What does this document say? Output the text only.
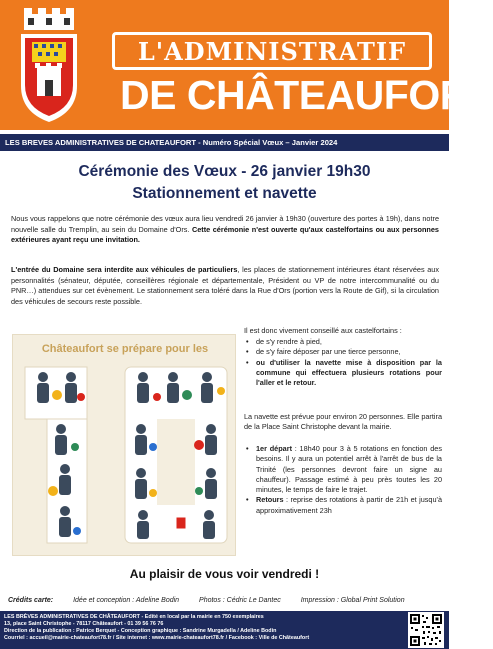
L'ADMINISTRATIF
DE CHÂTEAUFORT
LES BREVES ADMINISTRATIVES DE CHATEAUFORT - Numéro Spécial Vœux – Janvier 2024
Cérémonie des Vœux - 26 janvier 19h30
Stationnement et navette
Nous vous rappelons que notre cérémonie des vœux aura lieu vendredi 26 janvier à 19h30 (ouverture des portes à 19h), dans notre nouvelle salle du Tremplin, au sein du Domaine d'Ors. Cette cérémonie n'est ouverte qu'aux castelfortains ou aux personnes extérieures ayant reçu une invitation.
L'entrée du Domaine sera interdite aux véhicules de particuliers, les places de stationnement intérieures étant réservées aux personnalités (sénateur, députée, conseillères régionale et départementale, Président ou VP de notre intercommunalité ou du PNR…) attendues sur cet évènement. Le stationnement sera toléré dans la Rue d'Ors (portion vers la Route de Gif), si la circulation des véhicules de secours reste possible.
Châteaufort se prépare pour les
Il est donc vivement conseillé aux castelfortains :
• de s'y rendre à pied,
• de s'y faire déposer par une tierce personne,
• ou d'utiliser la navette mise à disposition par la commune qui effectuera plusieurs rotations pour l'aller et le retour.
La navette est prévue pour environ 20 personnes. Elle partira de la Place Saint Christophe devant la mairie.
• 1er départ : 18h40 pour 3 à 5 rotations en fonction des besoins. Il y aura un potentiel arrêt à l'arrêt de bus de la Trinité (les personnes devront faire un signe au chauffeur). Passage estimé à peu près toutes les 20 minutes, le temps de faire le trajet.
• Retours : reprise des rotations à partir de 21h et jusqu'à approximativement 23h
Au plaisir de vous voir vendredi !
Crédits carte:	Idée et conception : Adeline Bodin	Photos : Cédric Le Dantec	Impression : Global Print Solution
LES BRÈVES ADMINISTRATIVES DE CHÂTEAUFORT - Edité en local par la mairie en 750 exemplaires
13, place Saint Christophe - 78117 Châteaufort - 01 39 56 76 76
Direction de la publication : Patrice Berquet - Conception graphique : Sandrine Murgadella / Adeline Bodin
Courriel : accueil@mairie-chateaufort78.fr / Site internet : www.mairie-chateaufort78.fr / Facebook : Ville de Châteaufort
